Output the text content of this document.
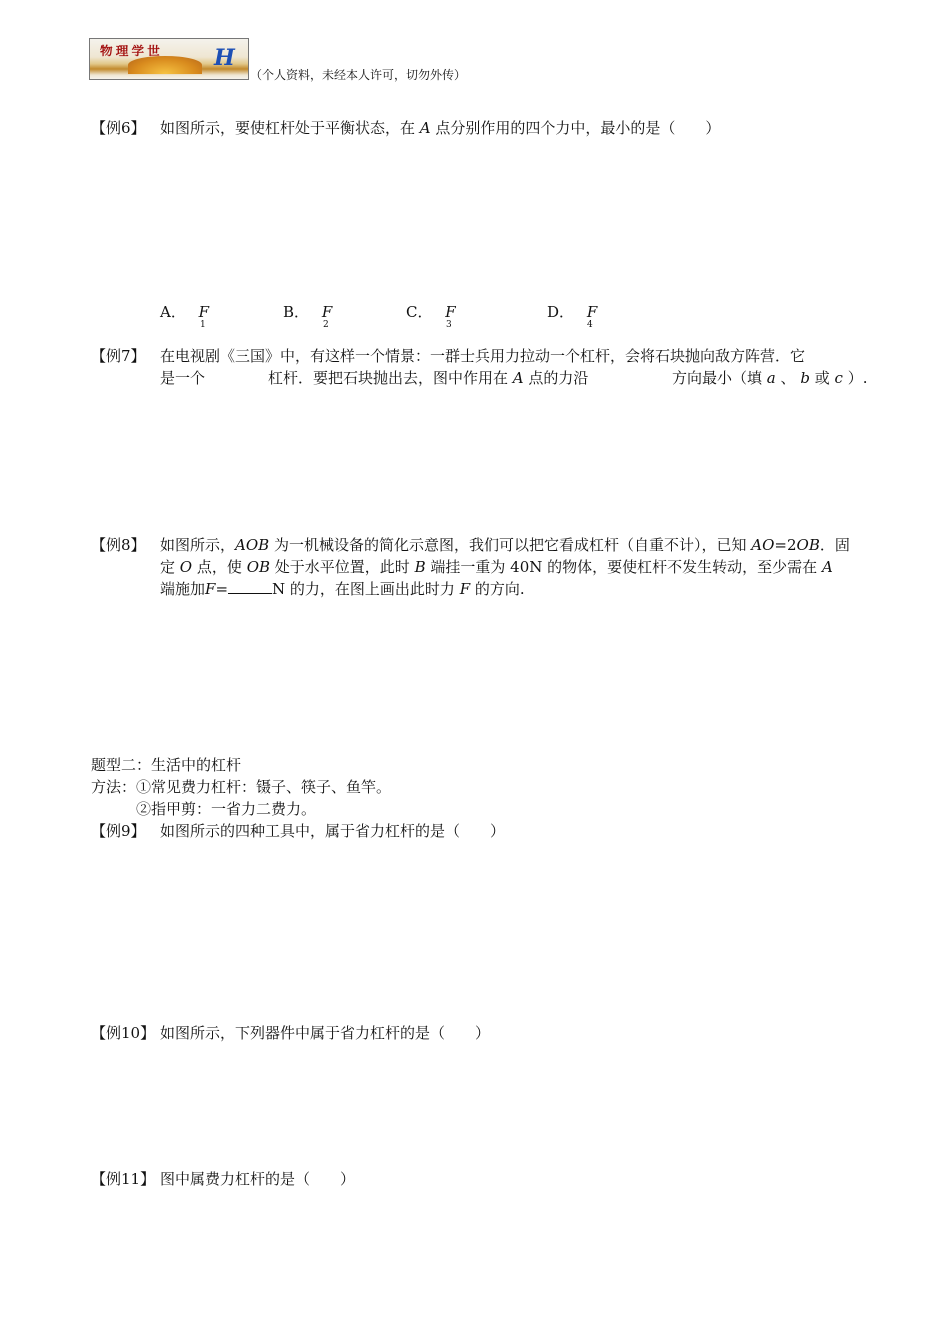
物理学世 H
（个人资料，未经本人许可，切勿外传）
【例6】 如图所示，要使杠杆处于平衡状态，在 A 点分别作用的四个力中，最小的是（　　）
A． F
1
B． F
2
C． F
3
D． F
4
【例7】 在电视剧《三国》中，有这样一个情景：一群士兵用力拉动一个杠杆，会将石块抛向敌方阵营．它
是一个	杠杆．要把石块抛出去，图中作用在 A 点的力沿	方向最小（填 a 、 b 或 c ）.
【例8】 如图所示，AOB 为一机械设备的简化示意图，我们可以把它看成杠杆（自重不计），已知 AO=2OB．固
定 O 点，使 OB 处于水平位置，此时 B 端挂一重为 40N 的物体，要使杠杆不发生转动，至少需在 A
端施加F=	N 的力，在图上画出此时力 F 的方向.
题型二：生活中的杠杆
方法：①常见费力杠杆：镊子、筷子、鱼竿。
②指甲剪：一省力二费力。
【例9】 如图所示的四种工具中，属于省力杠杆的是（　　）
【例10】 如图所示，下列器件中属于省力杠杆的是（　　）
【例11】 图中属费力杠杆的是（　　）
